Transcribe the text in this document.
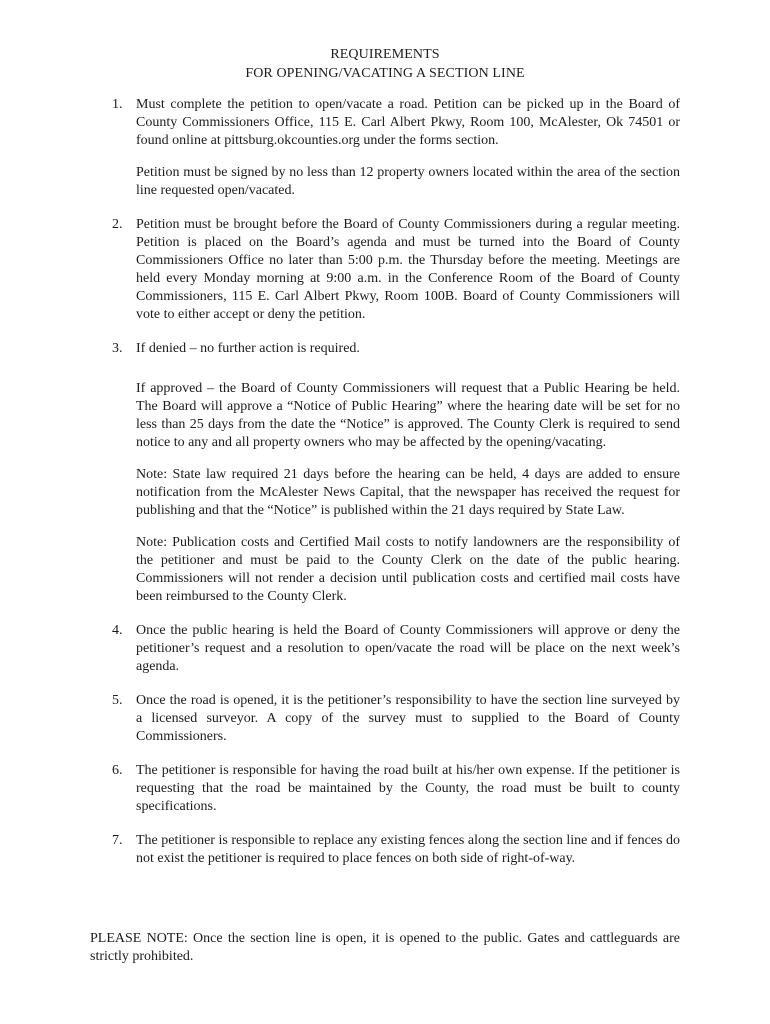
REQUIREMENTS
FOR OPENING/VACATING A SECTION LINE
1. Must complete the petition to open/vacate a road. Petition can be picked up in the Board of County Commissioners Office, 115 E. Carl Albert Pkwy, Room 100, McAlester, Ok 74501 or found online at pittsburg.okcounties.org under the forms section.

Petition must be signed by no less than 12 property owners located within the area of the section line requested open/vacated.

2. Petition must be brought before the Board of County Commissioners during a regular meeting. Petition is placed on the Board’s agenda and must be turned into the Board of County Commissioners Office no later than 5:00 p.m. the Thursday before the meeting. Meetings are held every Monday morning at 9:00 a.m. in the Conference Room of the Board of County Commissioners, 115 E. Carl Albert Pkwy, Room 100B. Board of County Commissioners will vote to either accept or deny the petition.

3. If denied – no further action is required.

If approved – the Board of County Commissioners will request that a Public Hearing be held. The Board will approve a “Notice of Public Hearing” where the hearing date will be set for no less than 25 days from the date the “Notice” is approved. The County Clerk is required to send notice to any and all property owners who may be affected by the opening/vacating.

Note: State law required 21 days before the hearing can be held, 4 days are added to ensure notification from the McAlester News Capital, that the newspaper has received the request for publishing and that the “Notice” is published within the 21 days required by State Law.

Note: Publication costs and Certified Mail costs to notify landowners are the responsibility of the petitioner and must be paid to the County Clerk on the date of the public hearing. Commissioners will not render a decision until publication costs and certified mail costs have been reimbursed to the County Clerk.

4. Once the public hearing is held the Board of County Commissioners will approve or deny the petitioner’s request and a resolution to open/vacate the road will be place on the next week’s agenda.

5. Once the road is opened, it is the petitioner’s responsibility to have the section line surveyed by a licensed surveyor. A copy of the survey must to supplied to the Board of County Commissioners.

6. The petitioner is responsible for having the road built at his/her own expense. If the petitioner is requesting that the road be maintained by the County, the road must be built to county specifications.

7. The petitioner is responsible to replace any existing fences along the section line and if fences do not exist the petitioner is required to place fences on both side of right-of-way.

PLEASE NOTE: Once the section line is open, it is opened to the public. Gates and cattleguards are strictly prohibited.
